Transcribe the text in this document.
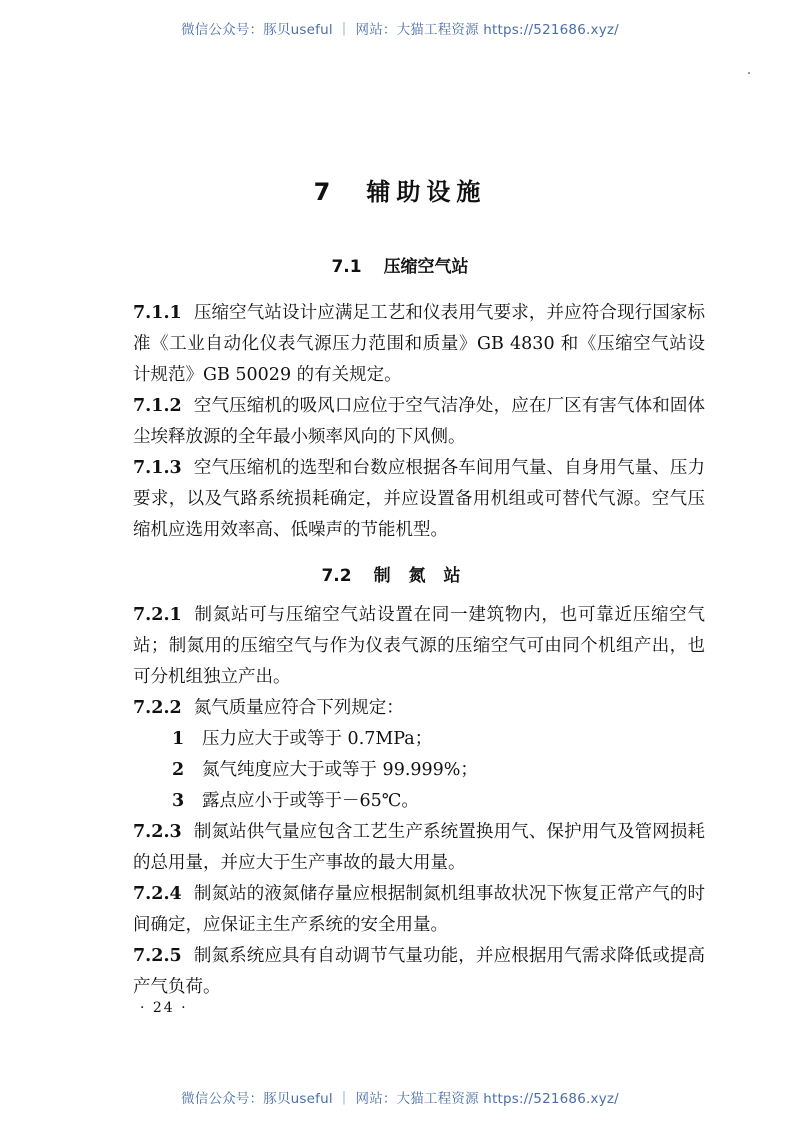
微信公众号：豚贝useful ｜ 网站：大猫工程资源 https://521686.xyz/
7　辅助设施
7.1 压缩空气站

7.1.1 压缩空气站设计应满足工艺和仪表用气要求，并应符合现行国家标准《工业自动化仪表气源压力范围和质量》GB 4830 和《压缩空气站设计规范》GB 50029 的有关规定。

7.1.2 空气压缩机的吸风口应位于空气洁净处，应在厂区有害气体和固体尘埃释放源的全年最小频率风向的下风侧。

7.1.3 空气压缩机的选型和台数应根据各车间用气量、自身用气量、压力要求，以及气路系统损耗确定，并应设置备用机组或可替代气源。空气压缩机应选用效率高、低噪声的节能机型。

7.2 制氮站

7.2.1 制氮站可与压缩空气站设置在同一建筑物内，也可靠近压缩空气站；制氮用的压缩空气与作为仪表气源的压缩空气可由同个机组产出，也可分机组独立产出。

7.2.2 氮气质量应符合下列规定：

1 压力应大于或等于 0.7MPa；
2 氮气纯度应大于或等于 99.999%；
3 露点应小于或等于－65℃。

7.2.3 制氮站供气量应包含工艺生产系统置换用气、保护用气及管网损耗的总用量，并应大于生产事故的最大用量。

7.2.4 制氮站的液氮储存量应根据制氮机组事故状况下恢复正常产气的时间确定，应保证主生产系统的安全用量。

7.2.5 制氮系统应具有自动调节气量功能，并应根据用气需求降低或提高产气负荷。

· 24 ·
微信公众号：豚贝useful ｜ 网站：大猫工程资源 https://521686.xyz/
